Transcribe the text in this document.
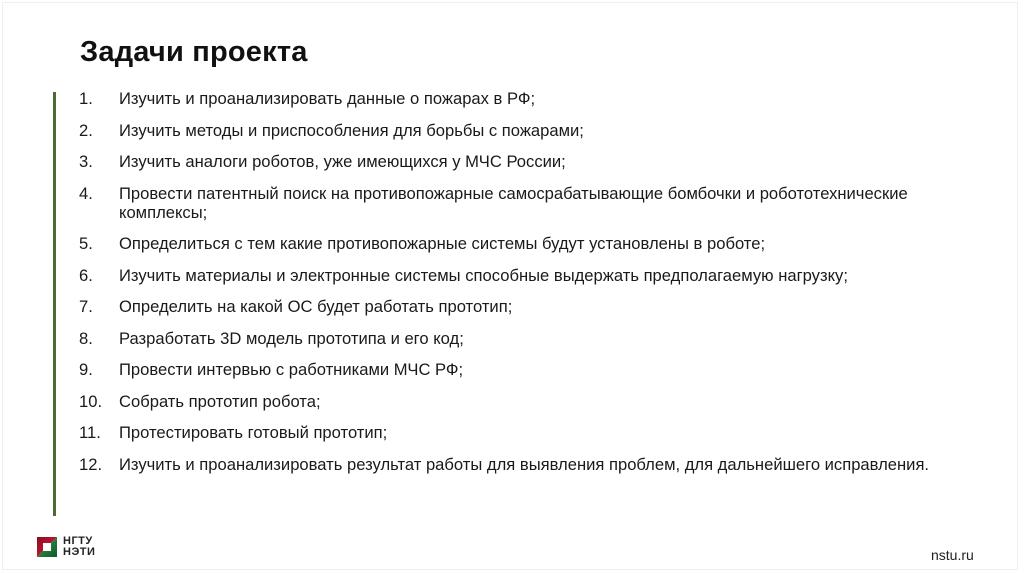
Задачи проекта
1. Изучить и проанализировать данные о пожарах в РФ;
2. Изучить методы и приспособления для борьбы с пожарами;
3. Изучить аналоги роботов, уже имеющихся у МЧС России;
4. Провести патентный поиск на противопожарные самосрабатывающие бомбочки и робототехнические комплексы;
5. Определиться с тем какие противопожарные системы будут установлены в роботе;
6. Изучить материалы и электронные системы способные выдержать предполагаемую нагрузку;
7. Определить на какой ОС будет работать прототип;
8. Разработать 3D модель прототипа и его код;
9. Провести интервью с работниками МЧС РФ;
10. Собрать прототип робота;
11. Протестировать готовый прототип;
12. Изучить и проанализировать результат работы для выявления проблем, для дальнейшего исправления.
НГТУ
НЭТИ	nstu.ru
